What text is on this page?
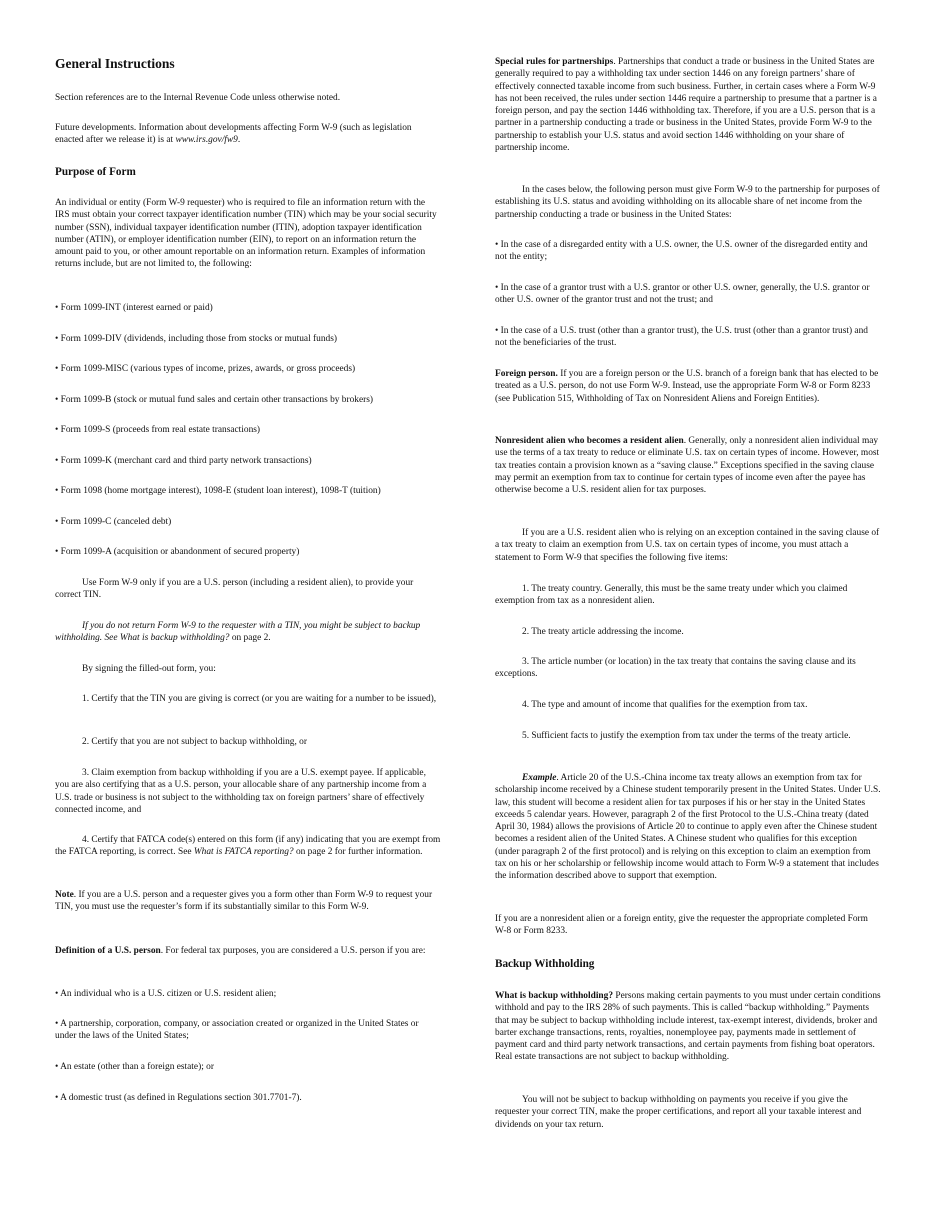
General Instructions

Section references are to the Internal Revenue Code unless otherwise noted.

Future developments. Information about developments affecting Form W-9 (such as legislation enacted after we release it) is at www.irs.gov/fw9.

Purpose of Form

An individual or entity (Form W-9 requester) who is required to file an information return with the IRS must obtain your correct taxpayer identification number (TIN) which may be your social security number (SSN), individual taxpayer identification number (ITIN), adoption taxpayer identification number (ATIN), or employer identification number (EIN), to report on an information return the amount paid to you, or other amount reportable on an information return. Examples of information returns include, but are not limited to, the following:

• Form 1099-INT (interest earned or paid)

• Form 1099-DIV (dividends, including those from stocks or mutual funds)

• Form 1099-MISC (various types of income, prizes, awards, or gross proceeds)

• Form 1099-B (stock or mutual fund sales and certain other transactions by brokers)

• Form 1099-S (proceeds from real estate transactions)

• Form 1099-K (merchant card and third party network transactions)

• Form 1098 (home mortgage interest), 1098-E (student loan interest), 1098-T (tuition)

• Form 1099-C (canceled debt)

• Form 1099-A (acquisition or abandonment of secured property)

Use Form W-9 only if you are a U.S. person (including a resident alien), to provide your correct TIN.

If you do not return Form W-9 to the requester with a TIN, you might be subject to backup withholding. See What is backup withholding? on page 2.

By signing the filled-out form, you:

1. Certify that the TIN you are giving is correct (or you are waiting for a number to be issued),

2. Certify that you are not subject to backup withholding, or

3. Claim exemption from backup withholding if you are a U.S. exempt payee. If applicable, you are also certifying that as a U.S. person, your allocable share of any partnership income from a U.S. trade or business is not subject to the withholding tax on foreign partners’ share of effectively connected income, and

4. Certify that FATCA code(s) entered on this form (if any) indicating that you are exempt from the FATCA reporting, is correct. See What is FATCA reporting? on page 2 for further information.

Note. If you are a U.S. person and a requester gives you a form other than Form W-9 to request your TIN, you must use the requester’s form if its substantially similar to this Form W-9.

Definition of a U.S. person. For federal tax purposes, you are considered a U.S. person if you are:

• An individual who is a U.S. citizen or U.S. resident alien;

• A partnership, corporation, company, or association created or organized in the United States or under the laws of the United States;

• An estate (other than a foreign estate); or

• A domestic trust (as defined in Regulations section 301.7701-7).

Special rules for partnerships. Partnerships that conduct a trade or business in the United States are generally required to pay a withholding tax under section 1446 on any foreign partners’ share of effectively connected taxable income from such business. Further, in certain cases where a Form W-9 has not been received, the rules under section 1446 require a partnership to presume that a partner is a foreign person, and pay the section 1446 withholding tax. Therefore, if you are a U.S. person that is a partner in a partnership conducting a trade or business in the United States, provide Form W-9 to the partnership to establish your U.S. status and avoid section 1446 withholding on your share of partnership income.

In the cases below, the following person must give Form W-9 to the partnership for purposes of establishing its U.S. status and avoiding withholding on its allocable share of net income from the partnership conducting a trade or business in the United States:

• In the case of a disregarded entity with a U.S. owner, the U.S. owner of the disregarded entity and not the entity;

• In the case of a grantor trust with a U.S. grantor or other U.S. owner, generally, the U.S. grantor or other U.S. owner of the grantor trust and not the trust; and

• In the case of a U.S. trust (other than a grantor trust), the U.S. trust (other than a grantor trust) and not the beneficiaries of the trust.

Foreign person. If you are a foreign person or the U.S. branch of a foreign bank that has elected to be treated as a U.S. person, do not use Form W-9. Instead, use the appropriate Form W-8 or Form 8233 (see Publication 515, Withholding of Tax on Nonresident Aliens and Foreign Entities).

Nonresident alien who becomes a resident alien. Generally, only a nonresident alien individual may use the terms of a tax treaty to reduce or eliminate U.S. tax on certain types of income. However, most tax treaties contain a provision known as a “saving clause.” Exceptions specified in the saving clause may permit an exemption from tax to continue for certain types of income even after the payee has otherwise become a U.S. resident alien for tax purposes.

If you are a U.S. resident alien who is relying on an exception contained in the saving clause of a tax treaty to claim an exemption from U.S. tax on certain types of income, you must attach a statement to Form W-9 that specifies the following five items:

1. The treaty country. Generally, this must be the same treaty under which you claimed exemption from tax as a nonresident alien.

2. The treaty article addressing the income.

3. The article number (or location) in the tax treaty that contains the saving clause and its exceptions.

4. The type and amount of income that qualifies for the exemption from tax.

5. Sufficient facts to justify the exemption from tax under the terms of the treaty article.

Example. Article 20 of the U.S.-China income tax treaty allows an exemption from tax for scholarship income received by a Chinese student temporarily present in the United States. Under U.S. law, this student will become a resident alien for tax purposes if his or her stay in the United States exceeds 5 calendar years. However, paragraph 2 of the first Protocol to the U.S.-China treaty (dated April 30, 1984) allows the provisions of Article 20 to continue to apply even after the Chinese student becomes a resident alien of the United States. A Chinese student who qualifies for this exception (under paragraph 2 of the first protocol) and is relying on this exception to claim an exemption from tax on his or her scholarship or fellowship income would attach to Form W-9 a statement that includes the information described above to support that exemption.

If you are a nonresident alien or a foreign entity, give the requester the appropriate completed Form W-8 or Form 8233.

Backup Withholding

What is backup withholding? Persons making certain payments to you must under certain conditions withhold and pay to the IRS 28% of such payments. This is called “backup withholding.” Payments that may be subject to backup withholding include interest, tax-exempt interest, dividends, broker and barter exchange transactions, rents, royalties, nonemployee pay, payments made in settlement of payment card and third party network transactions, and certain payments from fishing boat operators. Real estate transactions are not subject to backup withholding.

You will not be subject to backup withholding on payments you receive if you give the requester your correct TIN, make the proper certifications, and report all your taxable interest and dividends on your tax return.
